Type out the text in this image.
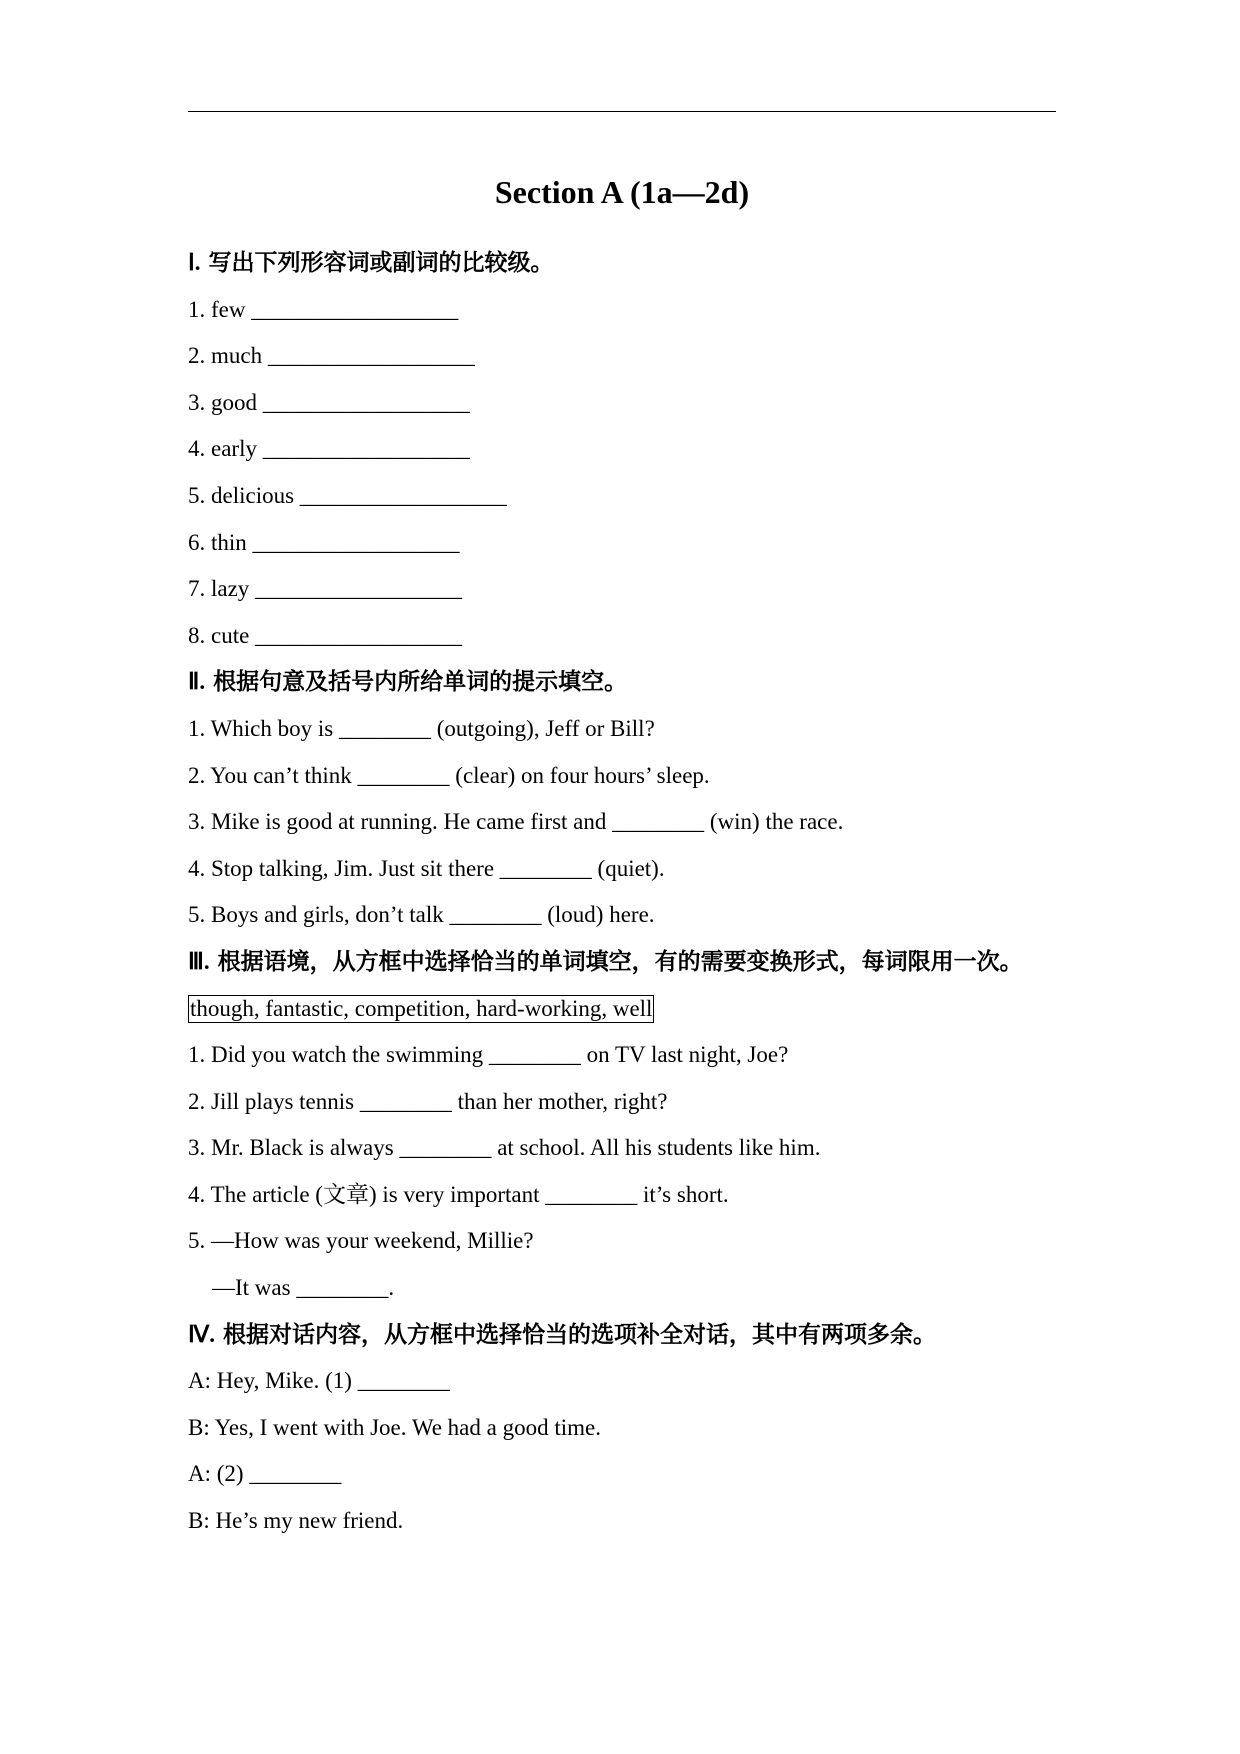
Section A (1a—2d)
Ⅰ. 写出下列形容词或副词的比较级。
1. few __________________
2. much __________________
3. good __________________
4. early __________________
5. delicious __________________
6. thin __________________
7. lazy __________________
8. cute __________________
Ⅱ. 根据句意及括号内所给单词的提示填空。
1. Which boy is ________ (outgoing), Jeff or Bill?
2. You can’t think ________ (clear) on four hours’ sleep.
3. Mike is good at running. He came first and ________ (win) the race.
4. Stop talking, Jim. Just sit there ________ (quiet).
5. Boys and girls, don’t talk ________ (loud) here.
Ⅲ. 根据语境，从方框中选择恰当的单词填空，有的需要变换形式，每词限用一次。
though, fantastic, competition, hard-working, well
1. Did you watch the swimming ________ on TV last night, Joe?
2. Jill plays tennis ________ than her mother, right?
3. Mr. Black is always ________ at school. All his students like him.
4. The article (文章) is very important ________ it’s short.
5. —How was your weekend, Millie?
—It was ________.
Ⅳ. 根据对话内容，从方框中选择恰当的选项补全对话，其中有两项多余。
A: Hey, Mike. (1) ________
B: Yes, I went with Joe. We had a good time.
A: (2) ________
B: He’s my new friend.
